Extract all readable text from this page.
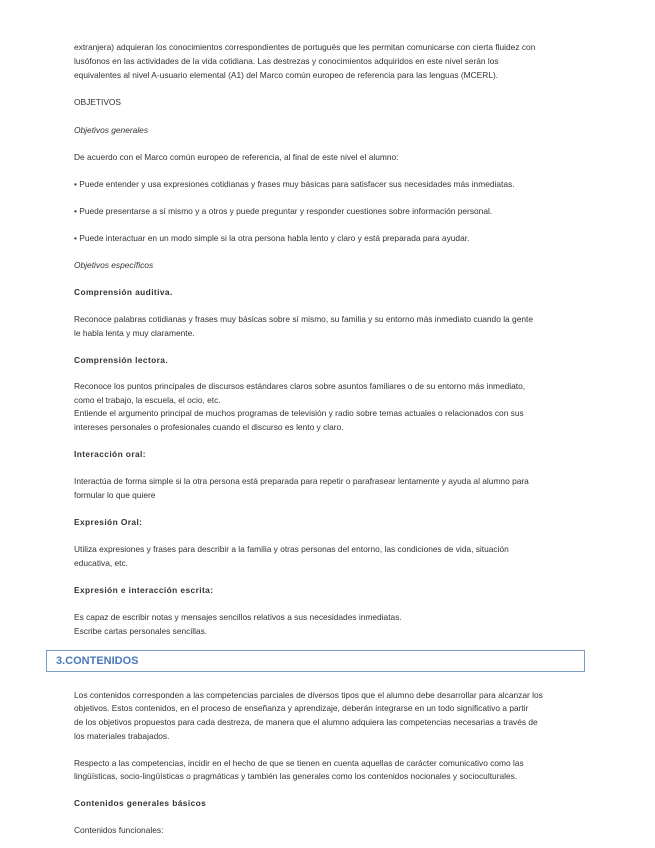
extranjera) adquieran los conocimientos correspondientes de portugués que les permitan comunicarse con cierta fluidez con

lusófonos en las actividades de la vida cotidiana. Las destrezas y conocimientos adquiridos en este nivel serán los

equivalentes al nivel A-usuario elemental (A1) del Marco común europeo de referencia para las lenguas (MCERL).

OBJETIVOS

Objetivos generales

De acuerdo con el Marco común europeo de referencia, al final de este nivel el alumno:

• Puede entender y usa expresiones cotidianas y frases muy básicas para satisfacer sus necesidades más inmediatas.

• Puede presentarse a sí mismo y a otros y puede preguntar y responder cuestiones sobre información personal.

• Puede interactuar en un modo simple si la otra persona habla lento y claro y está preparada para ayudar.

Objetivos específicos

Comprensión auditiva.

Reconoce palabras cotidianas y frases muy básicas sobre sí mismo, su familia y su entorno más inmediato cuando la gente

le habla lenta y muy claramente.

Comprensión lectora.

Reconoce los puntos principales de discursos estándares claros sobre asuntos familiares o de su entorno más inmediato,

como el trabajo, la escuela, el ocio, etc.

Entiende el argumento principal de muchos programas de televisión y radio sobre temas actuales o relacionados con sus

intereses personales o profesionales cuando el discurso es lento y claro.

Interacción oral:

Interactúa de forma simple si la otra persona está preparada para repetir o parafrasear lentamente y ayuda al alumno para

formular lo que quiere

Expresión Oral:

Utiliza expresiones y frases para describir a la familia y otras personas del entorno, las condiciones de vida, situación

educativa, etc.

Expresión e interacción escrita:

Es capaz de escribir notas y mensajes sencillos relativos a sus necesidades inmediatas.

Escribe cartas personales sencillas.

3.CONTENIDOS

Los contenidos corresponden a las competencias parciales de diversos tipos que el alumno debe desarrollar para alcanzar los

objetivos. Estos contenidos, en el proceso de enseñanza y aprendizaje, deberán integrarse en un todo significativo a partir

de los objetivos propuestos para cada destreza, de manera que el alumno adquiera las competencias necesarias a través de

los materiales trabajados.

Respecto a las competencias, incidir en el hecho de que se tienen en cuenta aquellas de carácter comunicativo como las

lingüísticas, socio-lingüísticas o pragmáticas y también las generales como los contenidos nocionales y socioculturales.

Contenidos generales básicos

Contenidos funcionales:
